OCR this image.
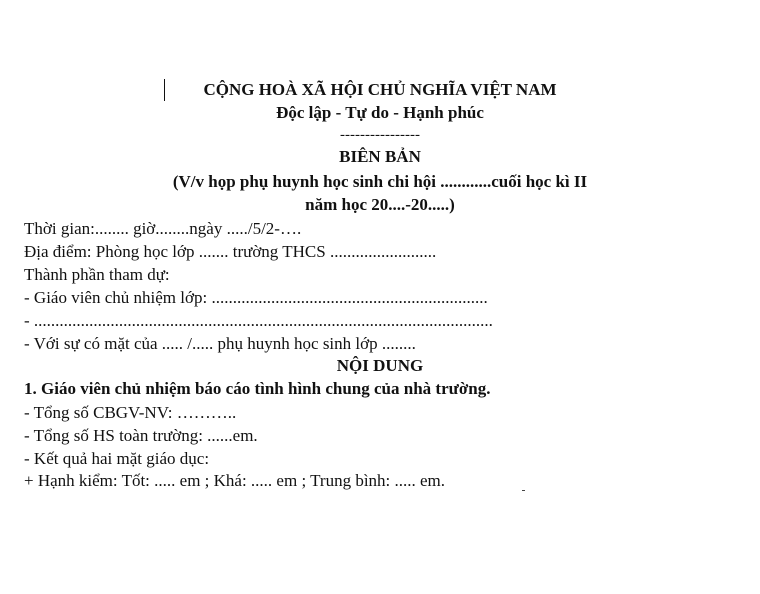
CỘNG HOÀ XÃ HỘI CHỦ NGHĨA VIỆT NAM
Độc lập - Tự do - Hạnh phúc
----------------
BIÊN BẢN
(V/v họp phụ huynh học sinh chi hội ............cuối học kì II
năm học 20....-20.....)
Thời gian:........ giờ........ngày ...../5/2-….
Địa điểm: Phòng học lớp ....... trường THCS .........................
Thành phần tham dự:
- Giáo viên chủ nhiệm lớp: .................................................................
- ............................................................................................................
- Với sự có mặt của ..... /..... phụ huynh học sinh lớp ........
NỘI DUNG
1. Giáo viên chủ nhiệm báo cáo tình hình chung của nhà trường.
- Tổng số CBGV-NV: ………..
- Tổng số HS toàn trường: ......em.
- Kết quả hai mặt giáo dục:
+ Hạnh kiểm: Tốt: ..... em ; Khá: ..... em ; Trung bình: ..... em.
